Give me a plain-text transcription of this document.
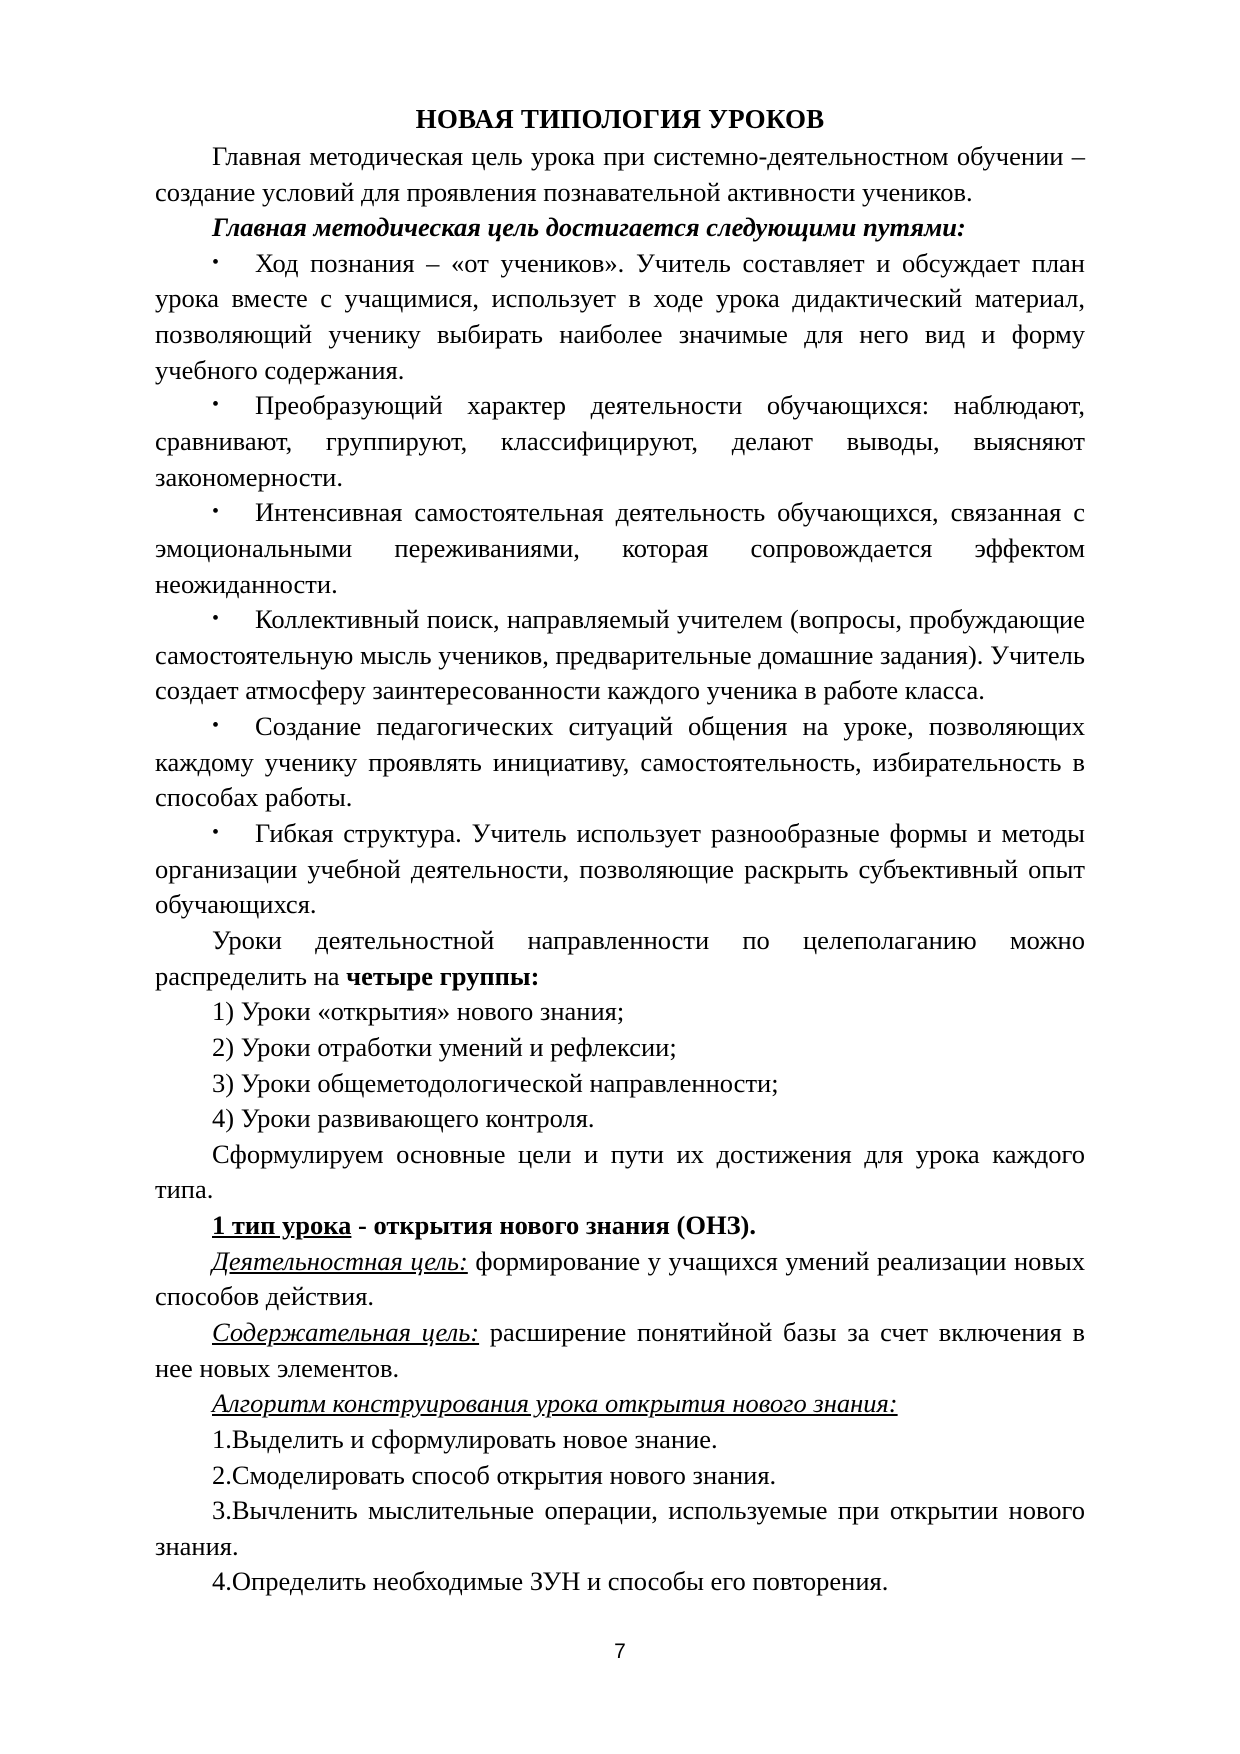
НОВАЯ ТИПОЛОГИЯ УРОКОВ

Главная методическая цель урока при системно-деятельностном обучении – создание условий для проявления познавательной активности учеников.

Главная методическая цель достигается следующими путями:

• Ход познания – «от учеников». Учитель составляет и обсуждает план урока вместе с учащимися, использует в ходе урока дидактический материал, позволяющий ученику выбирать наиболее значимые для него вид и форму учебного содержания.

• Преобразующий характер деятельности обучающихся: наблюдают, сравнивают, группируют, классифицируют, делают выводы, выясняют закономерности.

• Интенсивная самостоятельная деятельность обучающихся, связанная с эмоциональными переживаниями, которая сопровождается эффектом неожиданности.

• Коллективный поиск, направляемый учителем (вопросы, пробуждающие самостоятельную мысль учеников, предварительные домашние задания). Учитель создает атмосферу заинтересованности каждого ученика в работе класса.

• Создание педагогических ситуаций общения на уроке, позволяющих каждому ученику проявлять инициативу, самостоятельность, избирательность в способах работы.

• Гибкая структура. Учитель использует разнообразные формы и методы организации учебной деятельности, позволяющие раскрыть субъективный опыт обучающихся.

Уроки деятельностной направленности по целеполаганию можно распределить на четыре группы:

1) Уроки «открытия» нового знания;

2) Уроки отработки умений и рефлексии;

3) Уроки общеметодологической направленности;

4) Уроки развивающего контроля.

Сформулируем основные цели и пути их достижения для урока каждого типа.

1 тип урока - открытия нового знания (ОНЗ).

Деятельностная цель: формирование у учащихся умений реализации новых способов действия.

Содержательная цель: расширение понятийной базы за счет включения в нее новых элементов.

Алгоритм конструирования урока открытия нового знания:

1.Выделить и сформулировать новое знание.

2.Смоделировать способ открытия нового знания.

3.Вычленить мыслительные операции, используемые при открытии нового знания.

4.Определить необходимые ЗУН и способы его повторения.

7
